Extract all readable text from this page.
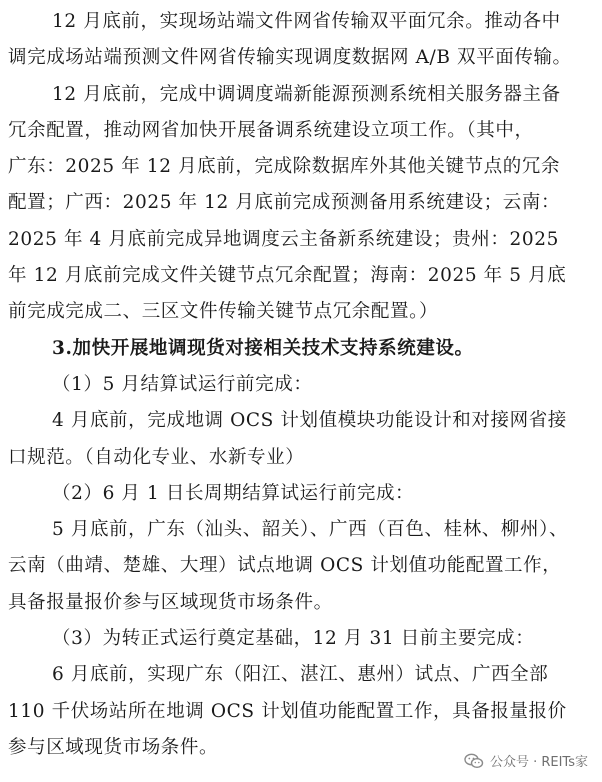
12 月底前，实现场站端文件网省传输双平面冗余。推动各中
调完成场站端预测文件网省传输实现调度数据网 A/B 双平面传输。
12 月底前，完成中调调度端新能源预测系统相关服务器主备
冗余配置，推动网省加快开展备调系统建设立项工作。（其中，
广东：2025 年 12 月底前，完成除数据库外其他关键节点的冗余
配置；广西：2025 年 12 月底前完成预测备用系统建设；云南：
2025 年 4 月底前完成异地调度云主备新系统建设；贵州：2025
年 12 月底前完成文件关键节点冗余配置；海南：2025 年 5 月底
前完成完成二、三区文件传输关键节点冗余配置。）
3.加快开展地调现货对接相关技术支持系统建设。
（1）5 月结算试运行前完成：
4 月底前，完成地调 OCS 计划值模块功能设计和对接网省接
口规范。（自动化专业、水新专业）
（2）6 月 1 日长周期结算试运行前完成：
5 月底前，广东（汕头、韶关）、广西（百色、桂林、柳州）、
云南（曲靖、楚雄、大理）试点地调 OCS 计划值功能配置工作，
具备报量报价参与区域现货市场条件。
（3）为转正式运行奠定基础，12 月 31 日前主要完成：
6 月底前，实现广东（阳江、湛江、惠州）试点、广西全部
110 千伏场站所在地调 OCS 计划值功能配置工作，具备报量报价
参与区域现货市场条件。
公众号 · REITs家
